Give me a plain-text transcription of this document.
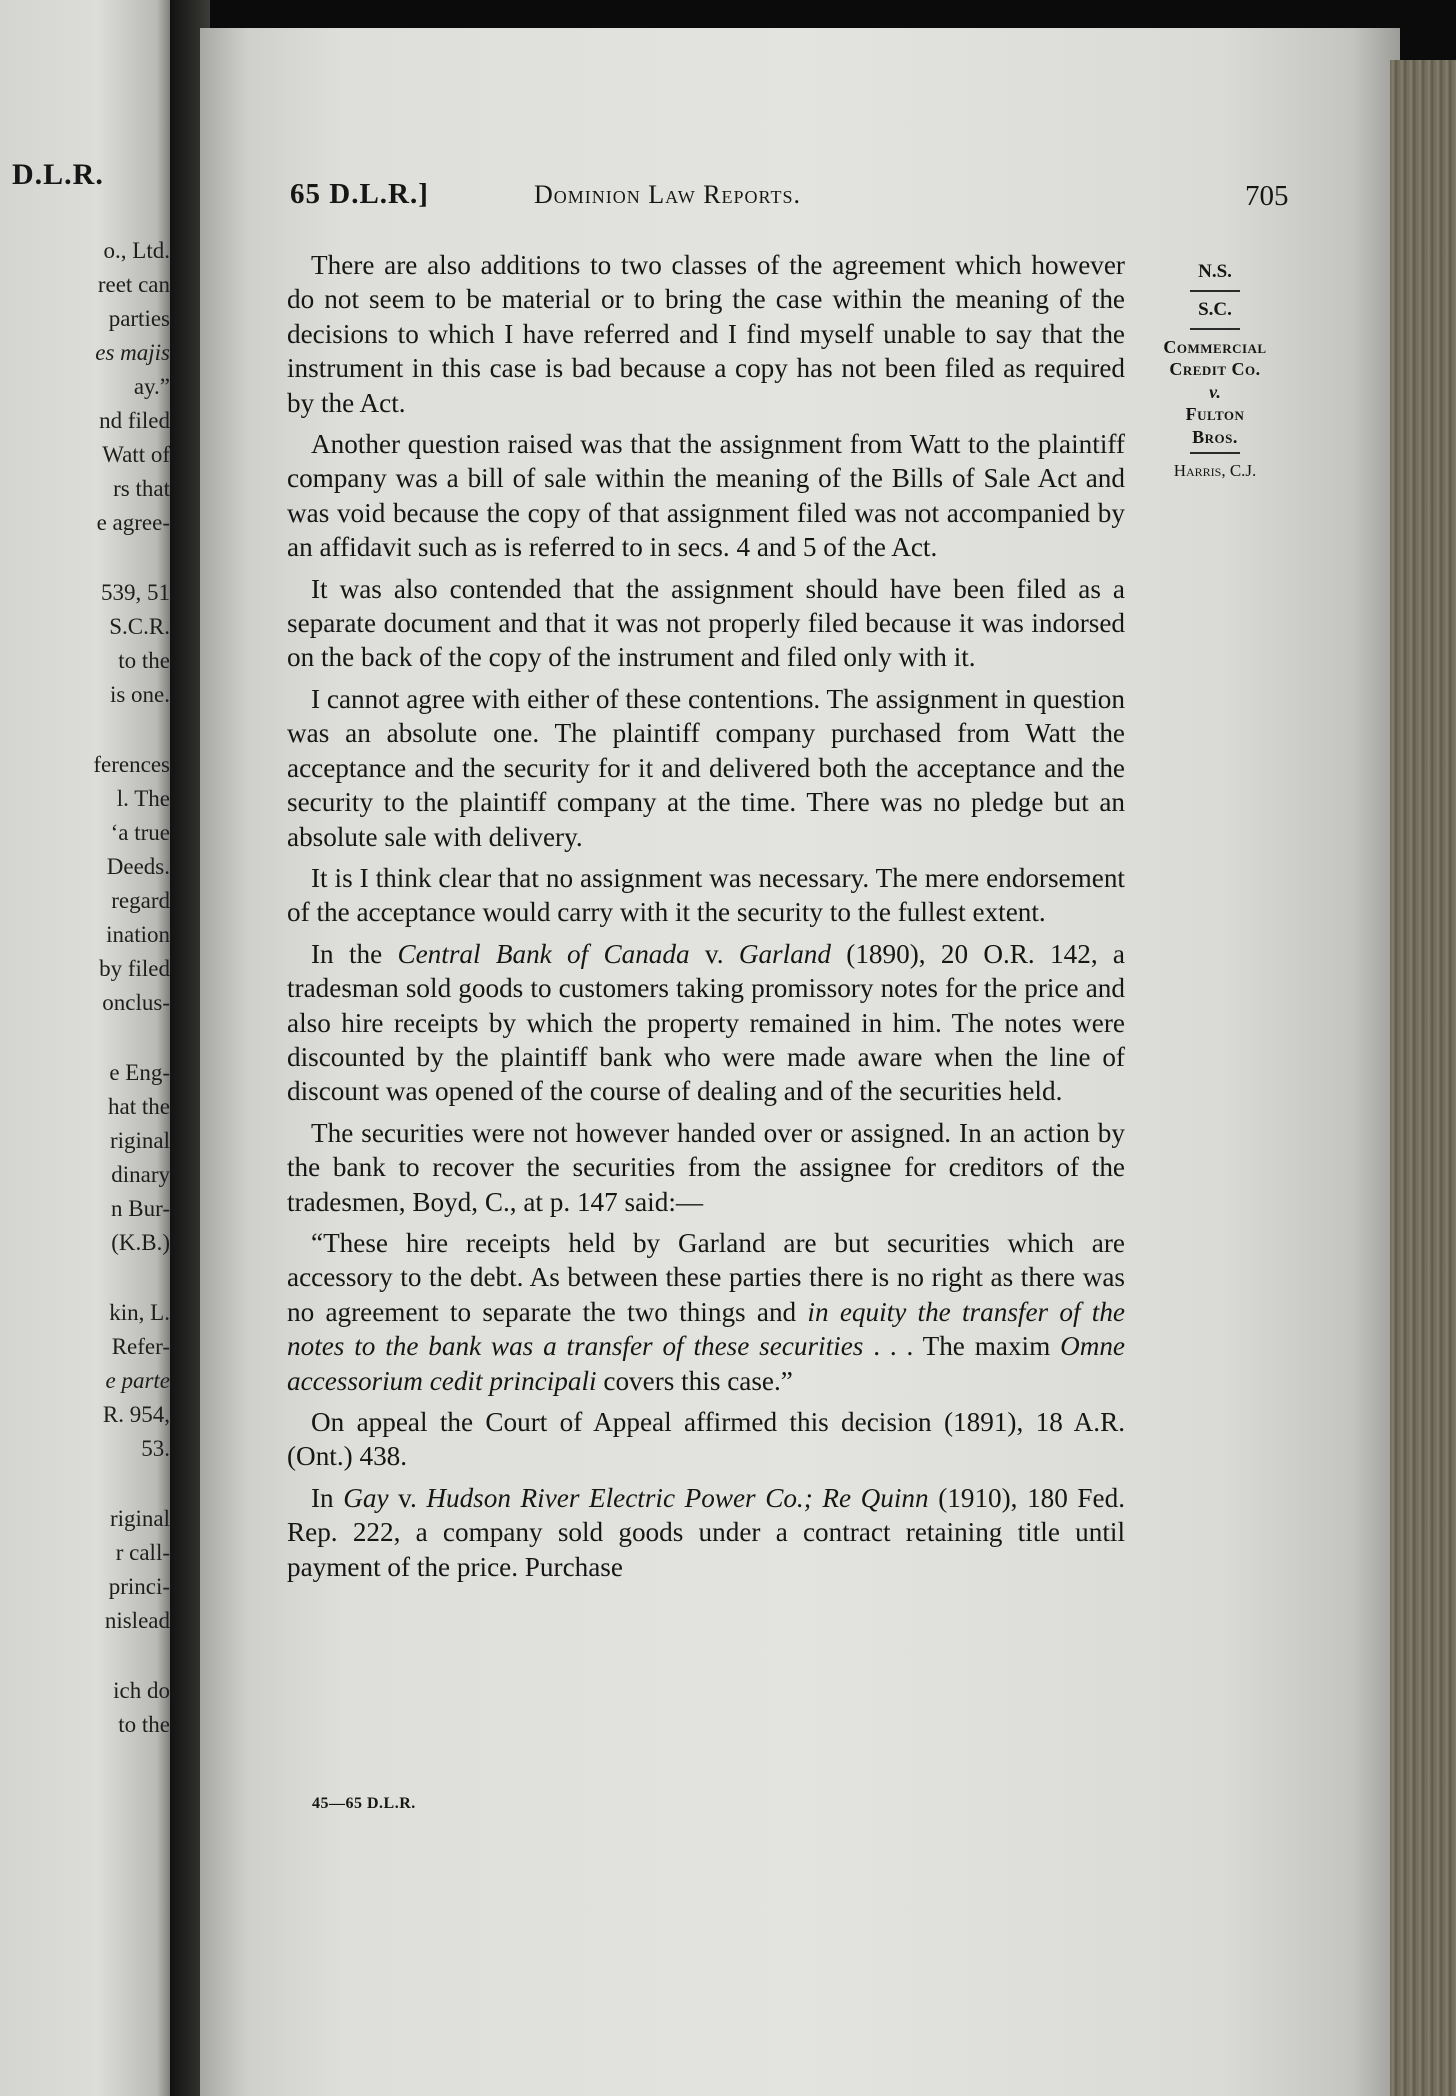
D.L.R.
o., Ltd.
reet can
parties
es majis
ay.”
nd filed
Watt of
rs that
e agree-
539, 51
S.C.R.
to the
is one.
ferences
l. The
‘a true
Deeds.
regard
ination
by filed
onclus-
e Eng-
hat the
riginal
dinary
n Bur-
(K.B.)
kin, L.
Refer-
e parte
R. 954,
53.
riginal
r call-
princi-
nislead
ich do
to the
65 D.L.R.]	Dominion Law Reports.	705
N.S.
S.C.
Commercial
Credit Co.
v.
Fulton
Bros.
Harris, C.J.

There are also additions to two classes of the agreement which however do not seem to be material or to bring the case within the meaning of the decisions to which I have referred and I find myself unable to say that the instrument in this case is bad because a copy has not been filed as required by the Act.

Another question raised was that the assignment from Watt to the plaintiff company was a bill of sale within the meaning of the Bills of Sale Act and was void because the copy of that assignment filed was not accompanied by an affidavit such as is referred to in secs. 4 and 5 of the Act.

It was also contended that the assignment should have been filed as a separate document and that it was not properly filed because it was indorsed on the back of the copy of the instrument and filed only with it.

I cannot agree with either of these contentions. The assignment in question was an absolute one. The plaintiff company purchased from Watt the acceptance and the security for it and delivered both the acceptance and the security to the plaintiff company at the time. There was no pledge but an absolute sale with delivery.

It is I think clear that no assignment was necessary. The mere endorsement of the acceptance would carry with it the security to the fullest extent.

In the Central Bank of Canada v. Garland (1890), 20 O.R. 142, a tradesman sold goods to customers taking promissory notes for the price and also hire receipts by which the property remained in him. The notes were discounted by the plaintiff bank who were made aware when the line of discount was opened of the course of dealing and of the securities held.

The securities were not however handed over or assigned. In an action by the bank to recover the securities from the assignee for creditors of the tradesmen, Boyd, C., at p. 147 said:—

“These hire receipts held by Garland are but securities which are accessory to the debt. As between these parties there is no right as there was no agreement to separate the two things and in equity the transfer of the notes to the bank was a transfer of these securities . . . The maxim Omne accessorium cedit principali covers this case.”

On appeal the Court of Appeal affirmed this decision (1891), 18 A.R. (Ont.) 438.

In Gay v. Hudson River Electric Power Co.; Re Quinn (1910), 180 Fed. Rep. 222, a company sold goods under a contract retaining title until payment of the price. Purchase

45—65 D.L.R.
